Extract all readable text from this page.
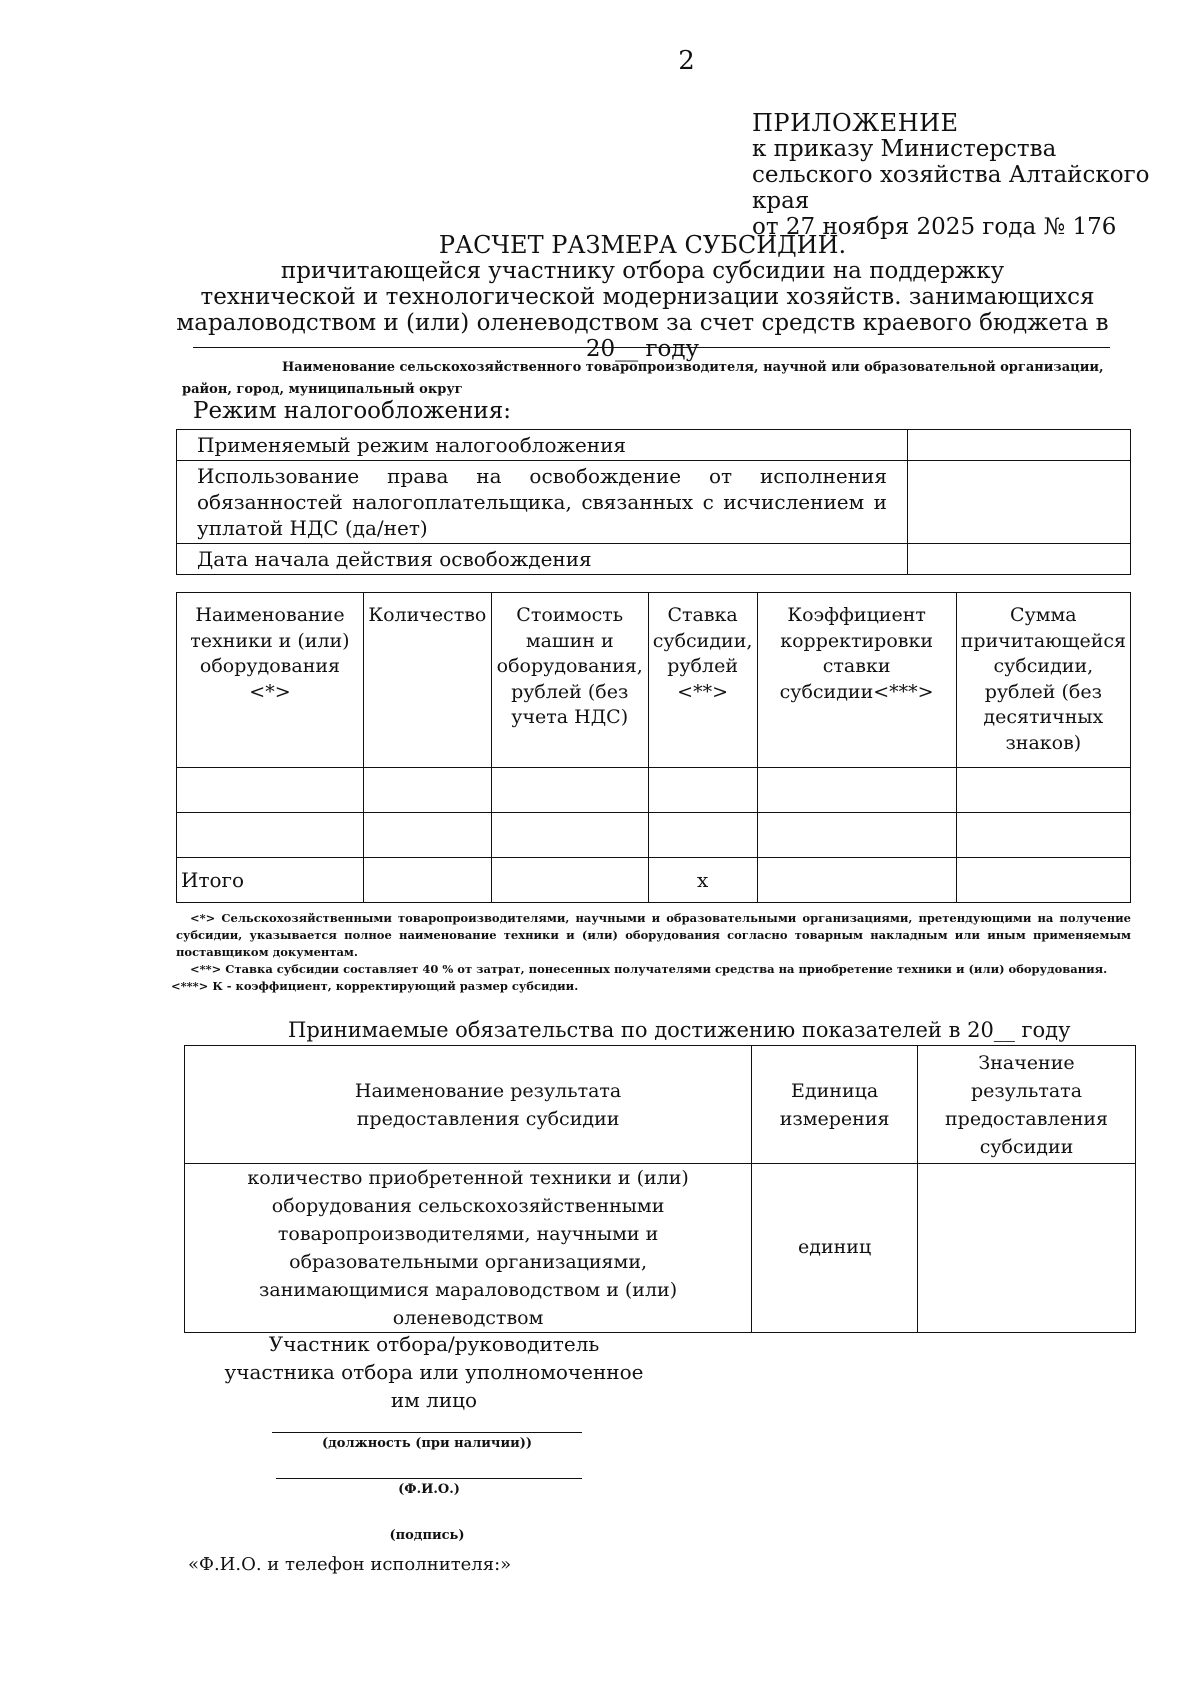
2
ПРИЛОЖЕНИЕ
к приказу Министерства
сельского хозяйства Алтайского края
от 27 ноября 2025 года № 176
РАСЧЕТ РАЗМЕРА СУБСИДИИ.
причитающейся участнику отбора субсидии на поддержку
технической и технологической модернизации хозяйств. занимающихся
мараловодством и (или) оленеводством за счет средств краевого бюджета в 20__ году
Наименование сельскохозяйственного товаропроизводителя, научной или образовательной организации,
район, город, муниципальный округ
Режим налогообложения:
Применяемый режим налогообложения	
Использование права на освобождение от исполнения обязанностей налогоплательщика, связанных с исчислением и уплатой НДС (да/нет)	
Дата начала действия освобождения	
Наименование техники и (или) оборудования <*>	Количество	Стоимость машин и оборудования, рублей (без учета НДС)	Ставка субсидии, рублей <**>	Коэффициент корректировки ставки субсидии<***>	Сумма причитающейся субсидии, рублей (без десятичных знаков)

Итого			х		

<*> Сельскохозяйственными товаропроизводителями, научными и образовательными организациями, претендующими на получение субсидии, указывается полное наименование техники и (или) оборудования согласно товарным накладным или иным применяемым поставщиком документам.

<**> Ставка субсидии составляет 40 % от затрат, понесенных получателями средства на приобретение техники и (или) оборудования.

<***> К - коэффициент, корректирующий размер субсидии.

Принимаемые обязательства по достижению показателей в 20__ году
Наименование результата предоставления субсидии	Единица измерения	Значение результата предоставления субсидии
количество приобретенной техники и (или) оборудования сельскохозяйственными товаропроизводителями, научными и образовательными организациями, занимающимися мараловодством и (или) оленеводством	единиц	
Участник отбора/руководитель участника отбора или уполномоченное им лицо
(должность (при наличии))
(Ф.И.О.)
(подпись)
«Ф.И.О. и телефон исполнителя:»
